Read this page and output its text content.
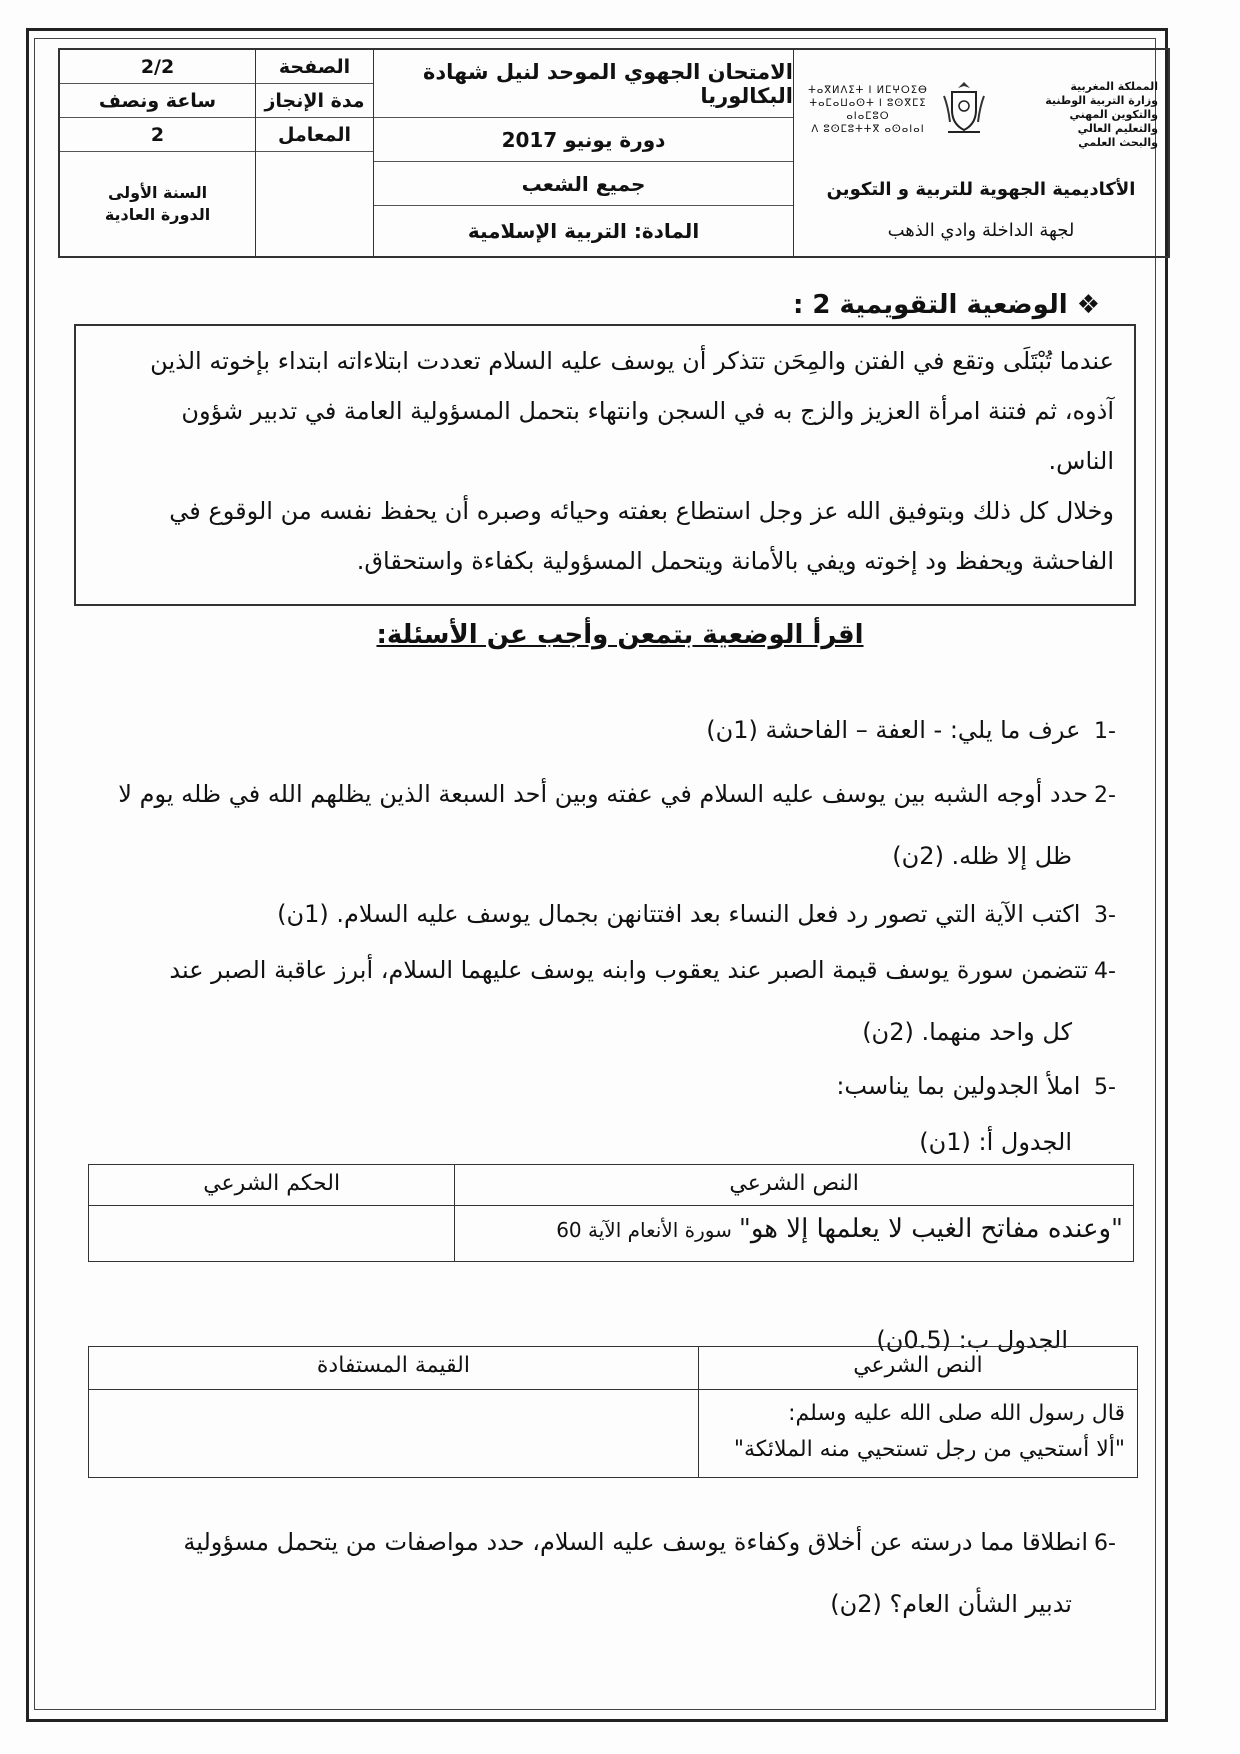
2/2
ساعة ونصف
2
السنة الأولى
الدورة العادية
الصفحة
مدة الإنجاز
المعامل
الامتحان الجهوي الموحد لنيل شهادة البكالوريا
دورة يونيو 2017
جميع الشعب
المادة: التربية الإسلامية
المملكة المغربية
وزارة التربية الوطنية والتكوين المهني
والتعليم العالي والبحث العلمي
ⵜⴰⴳⵍⴷⵉⵜ ⵏ ⵍⵎⵖⵔⵉⴱ
ⵜⴰⵎⴰⵡⴰⵙⵜ ⵏ ⵓⵙⴳⵎⵉ ⴰⵏⴰⵎⵓⵔ
ⴷ ⵓⵙⵎⵓⵜⵜⴳ ⴰⵙⴰⵏⴰⵏ
الأكاديمية الجهوية للتربية و التكوين
لجهة الداخلة وادي الذهب
❖ الوضعية التقويمية 2 :

عندما تُبْتَلَى وتقع في الفتن والمِحَن تتذكر أن يوسف عليه السلام تعددت ابتلاءاته ابتداء بإخوته الذين

آذوه، ثم فتنة امرأة العزيز والزج به في السجن وانتهاء بتحمل المسؤولية العامة في تدبير شؤون

الناس.

وخلال كل ذلك وبتوفيق الله عز وجل استطاع بعفته وحيائه وصبره أن يحفظ نفسه من الوقوع في

الفاحشة ويحفظ ود إخوته ويفي بالأمانة ويتحمل المسؤولية بكفاءة واستحقاق.

اقرأ الوضعية بتمعن وأجب عن الأسئلة:
-1 عرف ما يلي: - العفة – الفاحشة (1ن)
-2حدد أوجه الشبه بين يوسف عليه السلام في عفته وبين أحد السبعة الذين يظلهم الله في ظله يوم لا
ظل إلا ظله. (2ن)
-3 اكتب الآية التي تصور رد فعل النساء بعد افتتانهن بجمال يوسف عليه السلام. (1ن)
-4تتضمن سورة يوسف قيمة الصبر عند يعقوب وابنه يوسف عليهما السلام، أبرز عاقبة الصبر عند
كل واحد منهما. (2ن)
-5 املأ الجدولين بما يناسب:
الجدول أ: (1ن)
النص الشرعي
الحكم الشرعي
"وعنده مفاتح الغيب لا يعلمها إلا هو" سورة الأنعام الآية 60
الجدول ب: (0.5ن)
النص الشرعي
القيمة المستفادة
قال رسول الله صلى الله عليه وسلم:
"ألا أستحيي من رجل تستحيي منه الملائكة"
-6انطلاقا مما درسته عن أخلاق وكفاءة يوسف عليه السلام، حدد مواصفات من يتحمل مسؤولية
تدبير الشأن العام؟ (2ن)
